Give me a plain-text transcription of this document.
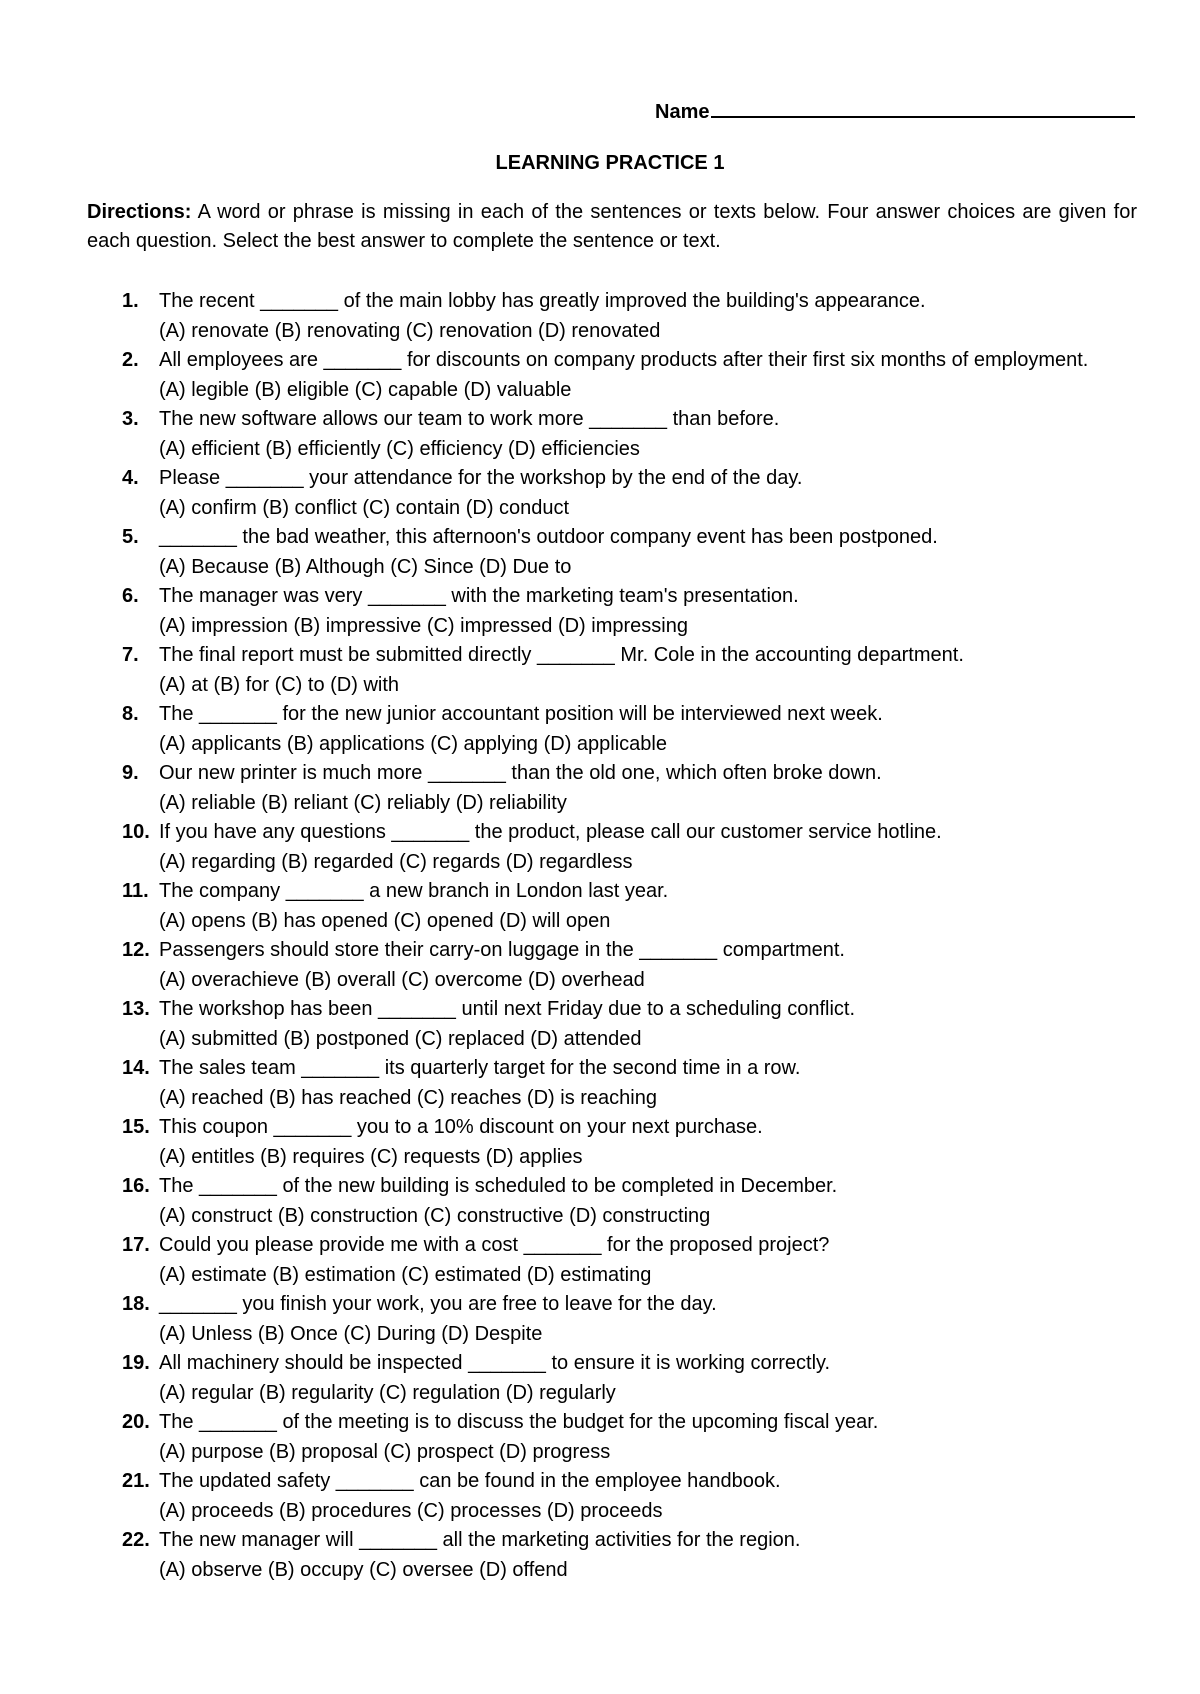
Name
LEARNING PRACTICE 1
Directions: A word or phrase is missing in each of the sentences or texts below. Four answer choices are given for each question. Select the best answer to complete the sentence or text.
1.	The recent _______ of the main lobby has greatly improved the building's appearance.
(A) renovate (B) renovating (C) renovation (D) renovated
2.	All employees are _______ for discounts on company products after their first six months of employment.
(A) legible (B) eligible (C) capable (D) valuable
3.	The new software allows our team to work more _______ than before.
(A) efficient (B) efficiently (C) efficiency (D) efficiencies
4.	Please _______ your attendance for the workshop by the end of the day.
(A) confirm (B) conflict (C) contain (D) conduct
5.	_______ the bad weather, this afternoon's outdoor company event has been postponed.
(A) Because (B) Although (C) Since (D) Due to
6.	The manager was very _______ with the marketing team's presentation.
(A) impression (B) impressive (C) impressed (D) impressing
7.	The final report must be submitted directly _______ Mr. Cole in the accounting department.
(A) at (B) for (C) to (D) with
8.	The _______ for the new junior accountant position will be interviewed next week.
(A) applicants (B) applications (C) applying (D) applicable
9.	Our new printer is much more _______ than the old one, which often broke down.
(A) reliable (B) reliant (C) reliably (D) reliability
10. If you have any questions _______ the product, please call our customer service hotline.
(A) regarding (B) regarded (C) regards (D) regardless
11. The company _______ a new branch in London last year.
(A) opens (B) has opened (C) opened (D) will open
12. Passengers should store their carry-on luggage in the _______ compartment.
(A) overachieve (B) overall (C) overcome (D) overhead
13. The workshop has been _______ until next Friday due to a scheduling conflict.
(A) submitted (B) postponed (C) replaced (D) attended
14. The sales team _______ its quarterly target for the second time in a row.
(A) reached (B) has reached (C) reaches (D) is reaching
15. This coupon _______ you to a 10% discount on your next purchase.
(A) entitles (B) requires (C) requests (D) applies
16. The _______ of the new building is scheduled to be completed in December.
(A) construct (B) construction (C) constructive (D) constructing
17. Could you please provide me with a cost _______ for the proposed project?
(A) estimate (B) estimation (C) estimated (D) estimating
18. _______ you finish your work, you are free to leave for the day.
(A) Unless (B) Once (C) During (D) Despite
19. All machinery should be inspected _______ to ensure it is working correctly.
(A) regular (B) regularity (C) regulation (D) regularly
20. The _______ of the meeting is to discuss the budget for the upcoming fiscal year.
(A) purpose (B) proposal (C) prospect (D) progress
21. The updated safety _______ can be found in the employee handbook.
(A) proceeds (B) procedures (C) processes (D) proceeds
22. The new manager will _______ all the marketing activities for the region.
(A) observe (B) occupy (C) oversee (D) offend
